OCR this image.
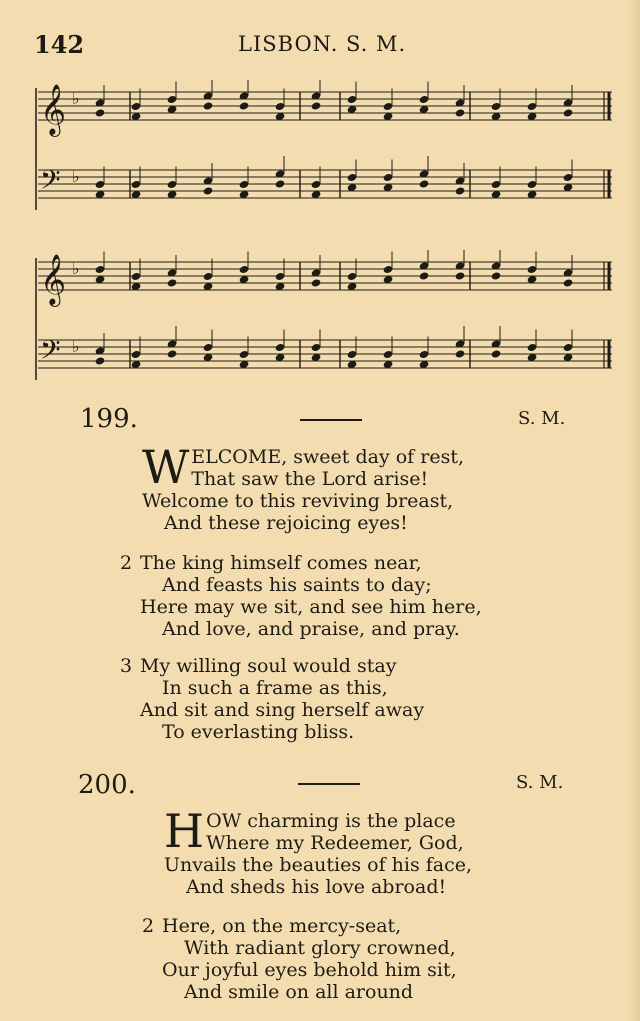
142	LISBON. S. M.
𝄞 ♭
𝄢 ♭
𝄞 ♭
𝄢 ♭
199.	S. M.
W ELCOME, sweet day of rest,
That saw the Lord arise!
Welcome to this reviving breast,
And these rejoicing eyes!
2 The king himself comes near,
And feasts his saints to day;
Here may we sit, and see him here,
And love, and praise, and pray.
3 My willing soul would stay
In such a frame as this,
And sit and sing herself away
To everlasting bliss.
200.	S. M.
H OW charming is the place
Where my Redeemer, God,
Unvails the beauties of his face,
And sheds his love abroad!
2 Here, on the mercy-seat,
With radiant glory crowned,
Our joyful eyes behold him sit,
And smile on all around
